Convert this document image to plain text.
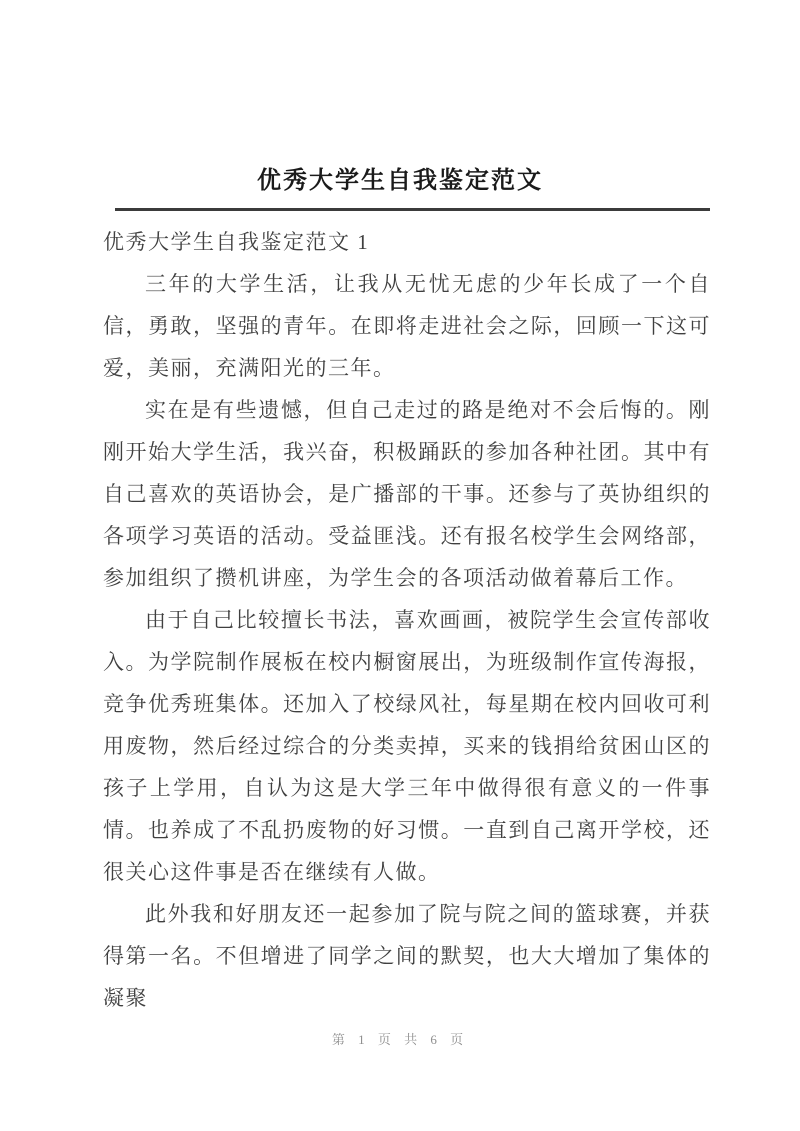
优秀大学生自我鉴定范文

优秀大学生自我鉴定范文 1

三年的大学生活，让我从无忧无虑的少年长成了一个自信，勇敢，坚强的青年。在即将走进社会之际，回顾一下这可爱，美丽，充满阳光的三年。

实在是有些遗憾，但自己走过的路是绝对不会后悔的。刚刚开始大学生活，我兴奋，积极踊跃的参加各种社团。其中有自己喜欢的英语协会，是广播部的干事。还参与了英协组织的各项学习英语的活动。受益匪浅。还有报名校学生会网络部，参加组织了攒机讲座，为学生会的各项活动做着幕后工作。

由于自己比较擅长书法，喜欢画画，被院学生会宣传部收入。为学院制作展板在校内橱窗展出，为班级制作宣传海报，竞争优秀班集体。还加入了校绿风社，每星期在校内回收可利用废物，然后经过综合的分类卖掉，买来的钱捐给贫困山区的孩子上学用，自认为这是大学三年中做得很有意义的一件事情。也养成了不乱扔废物的好习惯。一直到自己离开学校，还很关心这件事是否在继续有人做。

此外我和好朋友还一起参加了院与院之间的篮球赛，并获得第一名。不但增进了同学之间的默契，也大大增加了集体的凝聚

第 1 页 共 6 页
